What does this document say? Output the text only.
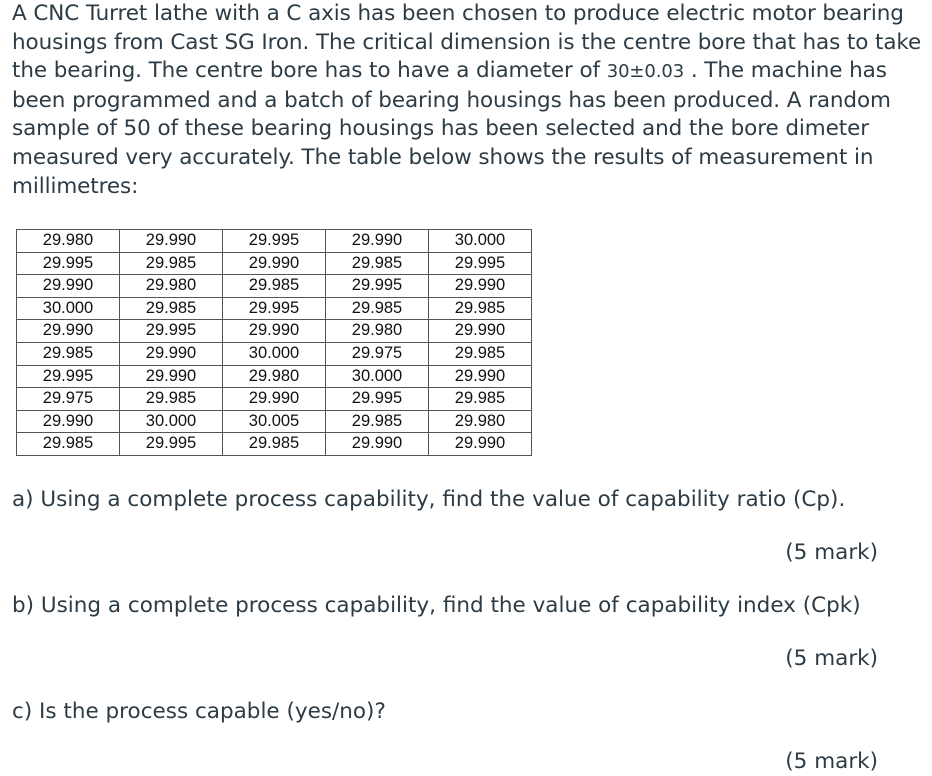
A CNC Turret lathe with a C axis has been chosen to produce electric motor bearing housings from Cast SG Iron. The critical dimension is the centre bore that has to take the bearing. The centre bore has to have a diameter of 30±0.03 . The machine has been programmed and a batch of bearing housings has been produced. A random sample of 50 of these bearing housings has been selected and the bore dimeter measured very accurately. The table below shows the results of measurement in millimetres:

29.980	29.990	29.995	29.990	30.000
29.995	29.985	29.990	29.985	29.995
29.990	29.980	29.985	29.995	29.990
30.000	29.985	29.995	29.985	29.985
29.990	29.995	29.990	29.980	29.990
29.985	29.990	30.000	29.975	29.985
29.995	29.990	29.980	30.000	29.990
29.975	29.985	29.990	29.995	29.985
29.990	30.000	30.005	29.985	29.980
29.985	29.995	29.985	29.990	29.990

a) Using a complete process capability, find the value of capability ratio (Cp).

(5 mark)

b) Using a complete process capability, find the value of capability index (Cpk)

(5 mark)

c) Is the process capable (yes/no)?

(5 mark)
